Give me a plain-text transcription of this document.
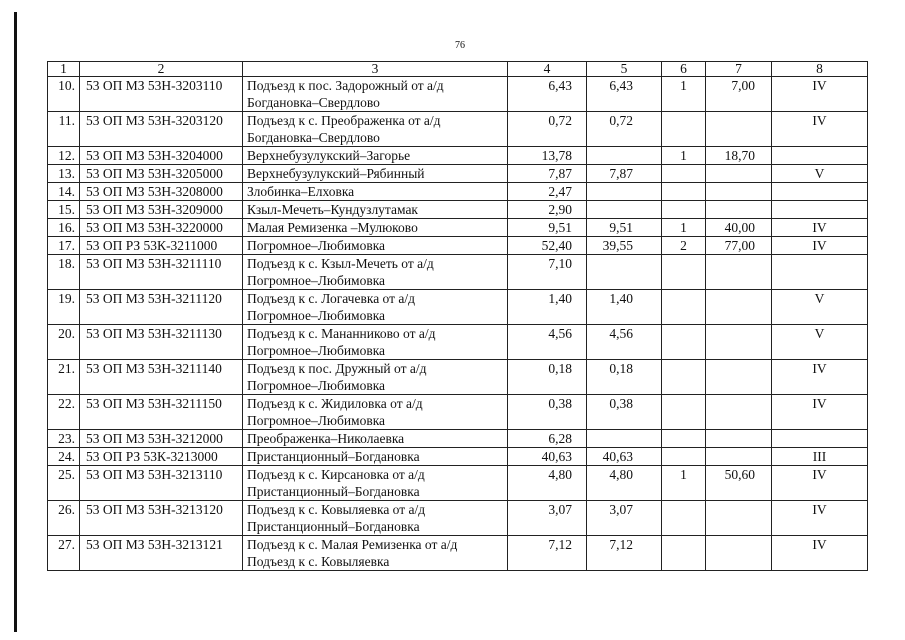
76
1	2	3	4	5	6	7	8
10.	53 ОП МЗ 53Н-3203110	Подъезд к пос. Задорожный от а/д
Богдановка–Свердлово	6,43	6,43	1	7,00	IV
11.	53 ОП МЗ 53Н-3203120	Подъезд к с. Преображенка от а/д
Богдановка–Свердлово	0,72	0,72			IV
12.	53 ОП МЗ 53Н-3204000	Верхнебузулукский–Загорье	13,78		1	18,70	
13.	53 ОП МЗ 53Н-3205000	Верхнебузулукский–Рябинный	7,87	7,87			V
14.	53 ОП МЗ 53Н-3208000	Злобинка–Елховка	2,47				
15.	53 ОП МЗ 53Н-3209000	Кзыл-Мечеть–Кундузлутамак	2,90				
16.	53 ОП МЗ 53Н-3220000	Малая Ремизенка –Мулюково	9,51	9,51	1	40,00	IV
17.	53 ОП РЗ 53К-3211000	Погромное–Любимовка	52,40	39,55	2	77,00	IV
18.	53 ОП МЗ 53Н-3211110	Подъезд к с. Кзыл-Мечеть от а/д
Погромное–Любимовка	7,10				
19.	53 ОП МЗ 53Н-3211120	Подъезд к с. Логачевка от а/д
Погромное–Любимовка	1,40	1,40			V
20.	53 ОП МЗ 53Н-3211130	Подъезд к с. Мананниково от а/д
Погромное–Любимовка	4,56	4,56			V
21.	53 ОП МЗ 53Н-3211140	Подъезд к пос. Дружный от а/д
Погромное–Любимовка	0,18	0,18			IV
22.	53 ОП МЗ 53Н-3211150	Подъезд к с. Жидиловка от а/д
Погромное–Любимовка	0,38	0,38			IV
23.	53 ОП МЗ 53Н-3212000	Преображенка–Николаевка	6,28				
24.	53 ОП РЗ 53К-3213000	Пристанционный–Богдановка	40,63	40,63			III
25.	53 ОП МЗ 53Н-3213110	Подъезд к с. Кирсановка от а/д
Пристанционный–Богдановка	4,80	4,80	1	50,60	IV
26.	53 ОП МЗ 53Н-3213120	Подъезд к с. Ковыляевка от а/д
Пристанционный–Богдановка	3,07	3,07			IV
27.	53 ОП МЗ 53Н-3213121	Подъезд к с. Малая Ремизенка от а/д
Подъезд к с. Ковыляевка	7,12	7,12			IV
